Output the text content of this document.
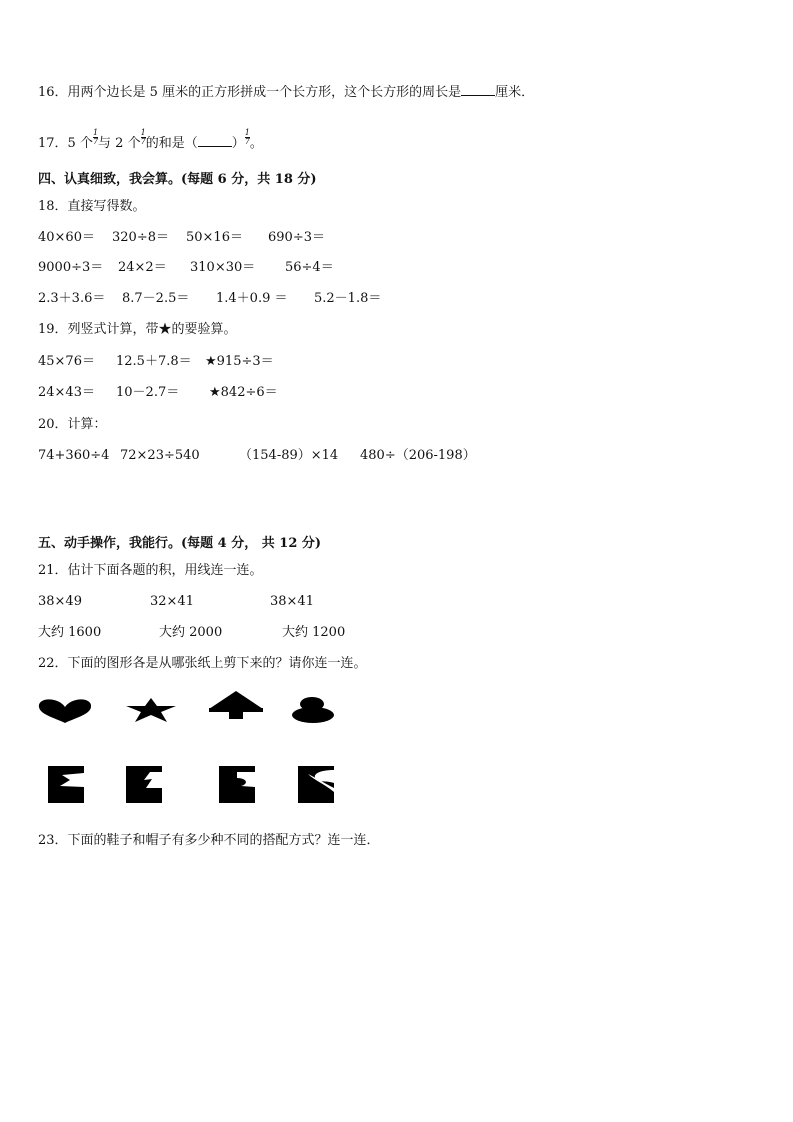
16．用两个边长是 5 厘米的正方形拼成一个长方形，这个长方形的周长是	厘米．
17．5 个 $\frac{1}{7}$ 与 2 个 $\frac{1}{7}$ 的和是（	） $\frac{1}{7}$ 。
四、认真细致，我会算。(每题 6 分，共 18 分)
18．直接写得数。
40×60＝ 320÷8＝ 50×16＝ 690÷3＝
9000÷3＝ 24×2＝ 310×30＝ 56÷4＝
2.3＋3.6＝ 8.7－2.5＝ 1.4＋0.9 ＝ 5.2－1.8＝
19．列竖式计算，带★的要验算。
45×76＝ 12.5＋7.8＝ ★915÷3＝
24×43＝ 10－2.7＝ ★842÷6＝
20．计算：
74+360÷4 72×23÷540	（154-89）×14 480÷（206-198）
五、动手操作，我能行。(每题 4 分， 共 12 分)
21．估计下面各题的积，用线连一连。
38×49	32×41	38×41
大约 1600	大约 2000	大约 1200
22．下面的图形各是从哪张纸上剪下来的？请你连一连。
23．下面的鞋子和帽子有多少种不同的搭配方式？连一连．
